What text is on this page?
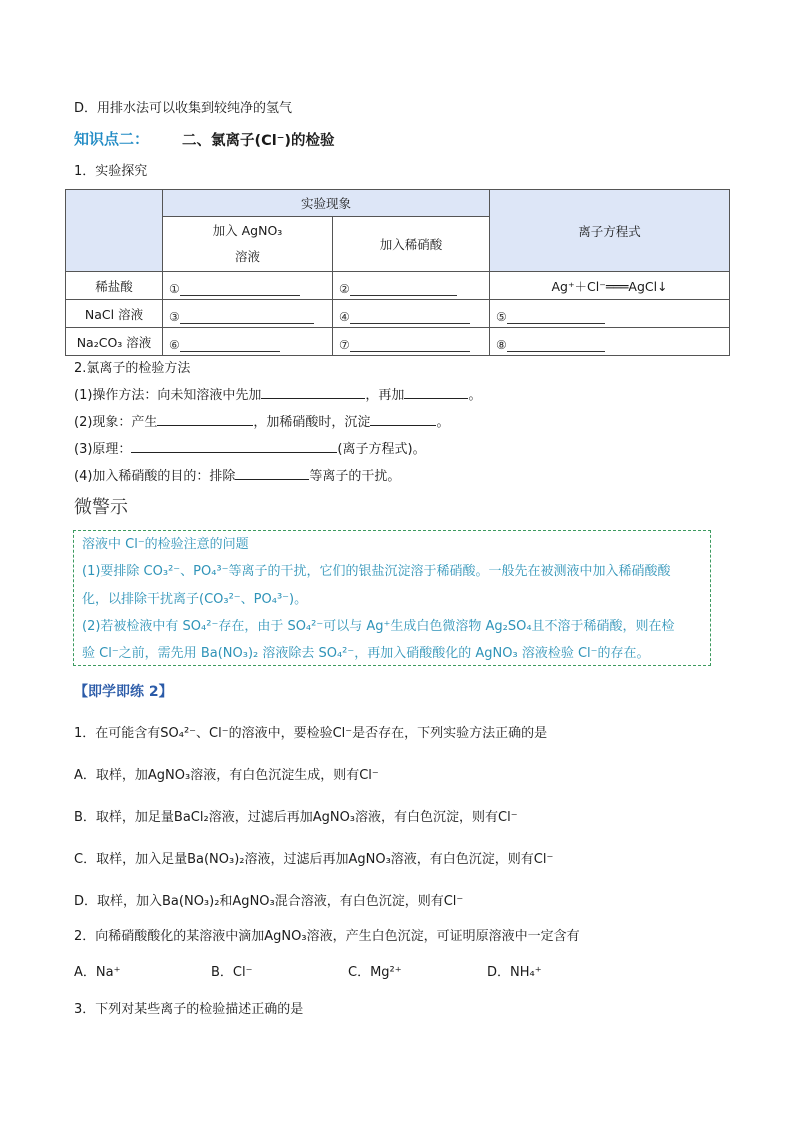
D．用排水法可以收集到较纯净的氢气
知识点二： 二、氯离子(Cl⁻)的检验
1．实验探究
	实验现象		离子方程式

	加入 AgNO₃
溶液	加入稀硝酸	
稀盐酸	①	②	Ag⁺＋Cl⁻═══AgCl↓
NaCl 溶液	③	④	⑤

Na₂CO₃ 溶液	⑥	⑦	⑧
2.氯离子的检验方法
(1)操作方法：向未知溶液中先加	，再加	。
(2)现象：产生	，加稀硝酸时，沉淀	。
(3)原理：	(离子方程式)。
(4)加入稀硝酸的目的：排除	等离子的干扰。
微警示
溶液中 Cl⁻的检验注意的问题
(1)要排除 CO₃²⁻、PO₄³⁻等离子的干扰，它们的银盐沉淀溶于稀硝酸。一般先在被测液中加入稀硝酸酸
化，以排除干扰离子(CO₃²⁻、PO₄³⁻)。
(2)若被检液中有 SO₄²⁻存在，由于 SO₄²⁻可以与 Ag⁺生成白色微溶物 Ag₂SO₄且不溶于稀硝酸，则在检
验 Cl⁻之前，需先用 Ba(NO₃)₂ 溶液除去 SO₄²⁻，再加入硝酸酸化的 AgNO₃ 溶液检验 Cl⁻的存在。
【即学即练 2】
1．在可能含有SO₄²⁻、Cl⁻的溶液中，要检验Cl⁻是否存在，下列实验方法正确的是
A．取样，加AgNO₃溶液，有白色沉淀生成，则有Cl⁻
B．取样，加足量BaCl₂溶液，过滤后再加AgNO₃溶液，有白色沉淀，则有Cl⁻
C．取样，加入足量Ba(NO₃)₂溶液，过滤后再加AgNO₃溶液，有白色沉淀，则有Cl⁻
D．取样，加入Ba(NO₃)₂和AgNO₃混合溶液，有白色沉淀，则有Cl⁻
2．向稀硝酸酸化的某溶液中滴加AgNO₃溶液，产生白色沉淀，可证明原溶液中一定含有
A．Na⁺	B．Cl⁻	C．Mg²⁺	D．NH₄⁺
3．下列对某些离子的检验描述正确的是
